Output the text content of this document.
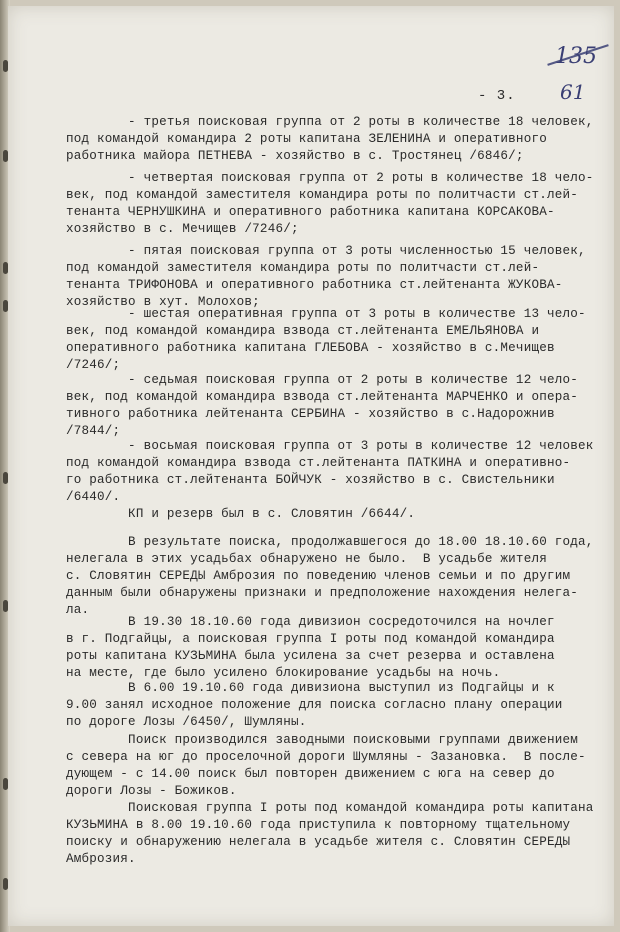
135
61
- 3.
- третья поисковая группа от 2 роты в количестве 18 человек,
под командой командира 2 роты капитана ЗЕЛЕНИНА и оперативного
работника майора ПЕТНЕВА - хозяйство в с. Тростянец /6846/;
- четвертая поисковая группа от 2 роты в количестве 18 чело-
век, под командой заместителя командира роты по политчасти ст.лей-
тенанта ЧЕРНУШКИНА и оперативного работника капитана КОРСАКОВА-
хозяйство в с. Мечищев /7246/;
- пятая поисковая группа от 3 роты численностью 15 человек,
под командой заместителя командира роты по политчасти ст.лей-
тенанта ТРИФОНОВА и оперативного работника ст.лейтенанта ЖУКОВА-
хозяйство в хут. Молохов;
- шестая оперативная группа от 3 роты в количестве 13 чело-
век, под командой командира взвода ст.лейтенанта ЕМЕЛЬЯНОВА и
оперативного работника капитана ГЛЕБОВА - хозяйство в с.Мечищев
/7246/;
- седьмая поисковая группа от 2 роты в количестве 12 чело-
век, под командой командира взвода ст.лейтенанта МАРЧЕНКО и опера-
тивного работника лейтенанта СЕРБИНА - хозяйство в с.Надорожнив
/7844/;
- восьмая поисковая группа от 3 роты в количестве 12 человек
под командой командира взвода ст.лейтенанта ПАТКИНА и оперативно-
го работника ст.лейтенанта БОЙЧУК - хозяйство в с. Свистельники
/6440/.
КП и резерв был в с. Словятин /6644/.
В результате поиска, продолжавшегося до 18.00 18.10.60 года,
нелегала в этих усадьбах обнаружено не было.  В усадьбе жителя
с. Словятин СЕРЕДЫ Амброзия по поведению членов семьи и по другим
данным были обнаружены признаки и предположение нахождения нелега-
ла.
В 19.30 18.10.60 года дивизион сосредоточился на ночлег
в г. Подгайцы, а поисковая группа I роты под командой командира
роты капитана КУЗЬМИНА была усилена за счет резерва и оставлена
на месте, где было усилено блокирование усадьбы на ночь.
В 6.00 19.10.60 года дивизиона выступил из Подгайцы и к
9.00 занял исходное положение для поиска согласно плану операции
по дороге Лозы /6450/, Шумляны.
Поиск производился заводными поисковыми группами движением
с севера на юг до проселочной дороги Шумляны - Зазановка.  В после-
дующем - с 14.00 поиск был повторен движением с юга на север до
дороги Лозы - Божиков.
Поисковая группа I роты под командой командира роты капитана
КУЗЬМИНА в 8.00 19.10.60 года приступила к повторному тщательному
поиску и обнаружению нелегала в усадьбе жителя с. Словятин СЕРЕДЫ
Амброзия.
